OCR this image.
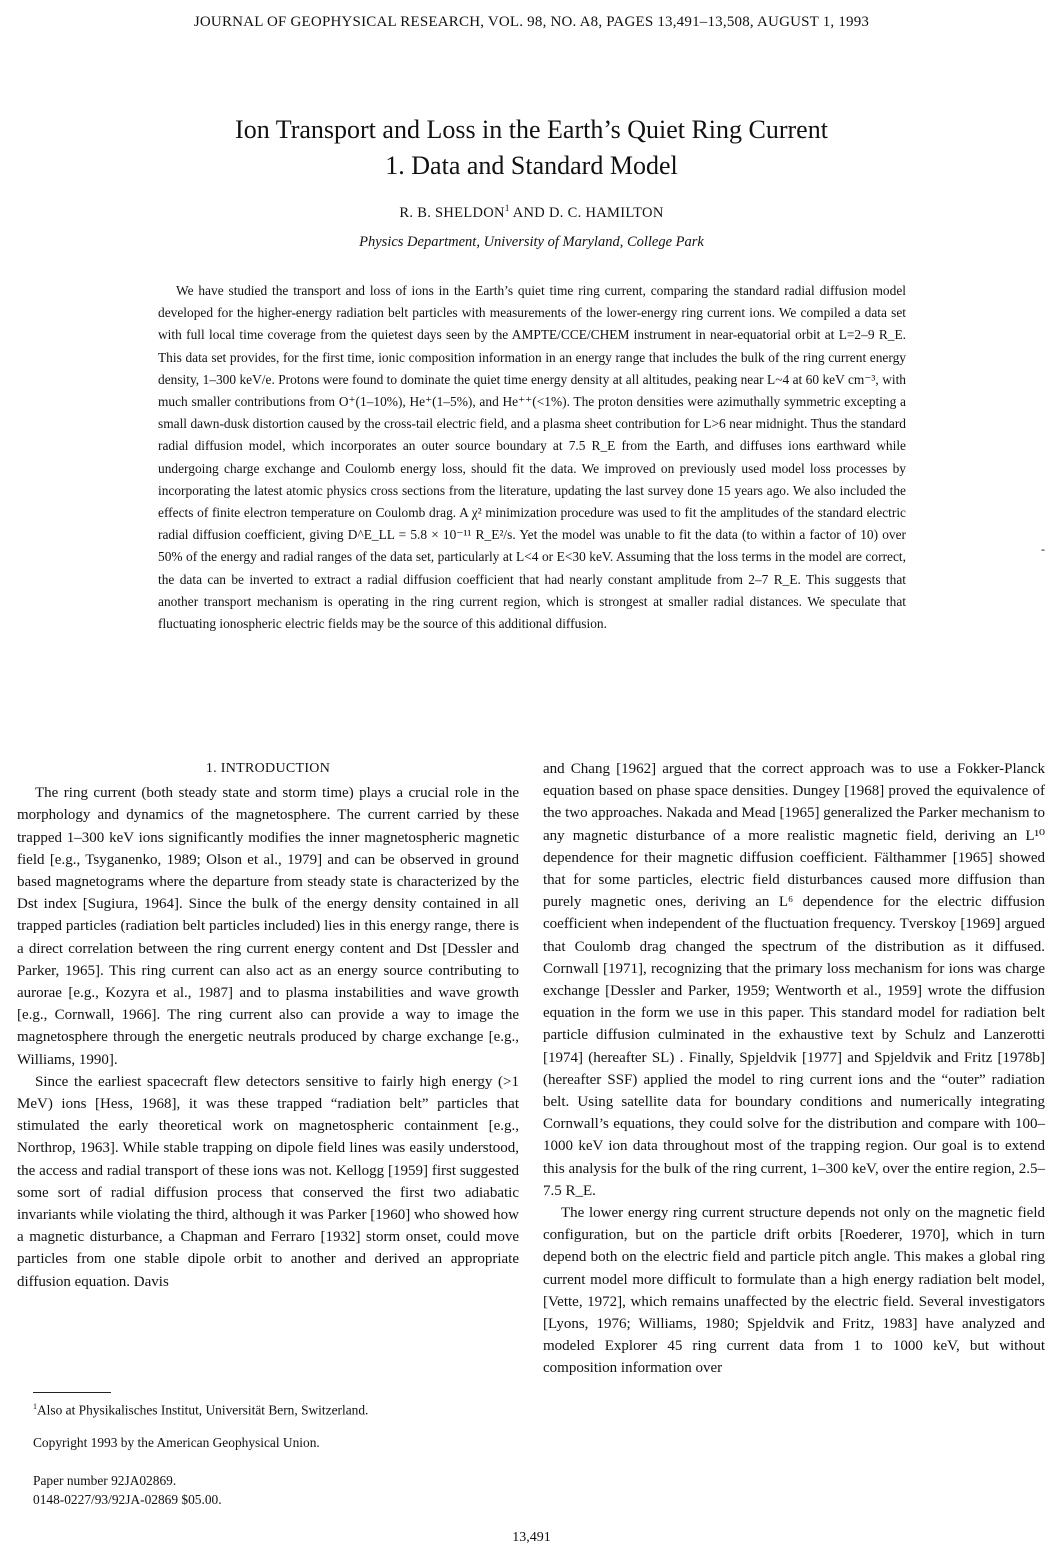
JOURNAL OF GEOPHYSICAL RESEARCH, VOL. 98, NO. A8, PAGES 13,491–13,508, AUGUST 1, 1993
Ion Transport and Loss in the Earth’s Quiet Ring Current
1. Data and Standard Model
R. B. SHELDON$^1$ AND D. C. HAMILTON
Physics Department, University of Maryland, College Park
We have studied the transport and loss of ions in the Earth’s quiet time ring current, comparing the standard radial diffusion model developed for the higher-energy radiation belt particles with measurements of the lower-energy ring current ions. We compiled a data set with full local time coverage from the quietest days seen by the AMPTE/CCE/CHEM instrument in near-equatorial orbit at L=2–9 R_E. This data set provides, for the first time, ionic composition information in an energy range that includes the bulk of the ring current energy density, 1–300 keV/e. Protons were found to dominate the quiet time energy density at all altitudes, peaking near L~4 at 60 keV cm⁻³, with much smaller contributions from O⁺(1–10%), He⁺(1–5%), and He⁺⁺(<1%). The proton densities were azimuthally symmetric excepting a small dawn-dusk distortion caused by the cross-tail electric field, and a plasma sheet contribution for L>6 near midnight. Thus the standard radial diffusion model, which incorporates an outer source boundary at 7.5 R_E from the Earth, and diffuses ions earthward while undergoing charge exchange and Coulomb energy loss, should fit the data. We improved on previously used model loss processes by incorporating the latest atomic physics cross sections from the literature, updating the last survey done 15 years ago. We also included the effects of finite electron temperature on Coulomb drag. A χ² minimization procedure was used to fit the amplitudes of the standard electric radial diffusion coefficient, giving D^E_LL = 5.8 × 10⁻¹¹ R_E²/s. Yet the model was unable to fit the data (to within a factor of 10) over 50% of the energy and radial ranges of the data set, particularly at L<4 or E<30 keV. Assuming that the loss terms in the model are correct, the data can be inverted to extract a radial diffusion coefficient that had nearly constant amplitude from 2–7 R_E. This suggests that another transport mechanism is operating in the ring current region, which is strongest at smaller radial distances. We speculate that fluctuating ionospheric electric fields may be the source of this additional diffusion.
-
1. INTRODUCTION

The ring current (both steady state and storm time) plays a crucial role in the morphology and dynamics of the magnetosphere. The current carried by these trapped 1–300 keV ions significantly modifies the inner magnetospheric magnetic field [e.g., Tsyganenko, 1989; Olson et al., 1979] and can be observed in ground based magnetograms where the departure from steady state is characterized by the Dst index [Sugiura, 1964]. Since the bulk of the energy density contained in all trapped particles (radiation belt particles included) lies in this energy range, there is a direct correlation between the ring current energy content and Dst [Dessler and Parker, 1965]. This ring current can also act as an energy source contributing to aurorae [e.g., Kozyra et al., 1987] and to plasma instabilities and wave growth [e.g., Cornwall, 1966]. The ring current also can provide a way to image the magnetosphere through the energetic neutrals produced by charge exchange [e.g., Williams, 1990].

Since the earliest spacecraft flew detectors sensitive to fairly high energy (>1 MeV) ions [Hess, 1968], it was these trapped “radiation belt” particles that stimulated the early theoretical work on magnetospheric containment [e.g., Northrop, 1963]. While stable trapping on dipole field lines was easily understood, the access and radial transport of these ions was not. Kellogg [1959] first suggested some sort of radial diffusion process that conserved the first two adiabatic invariants while violating the third, although it was Parker [1960] who showed how a magnetic disturbance, a Chapman and Ferraro [1932] storm onset, could move particles from one stable dipole orbit to another and derived an appropriate diffusion equation. Davis

and Chang [1962] argued that the correct approach was to use a Fokker-Planck equation based on phase space densities. Dungey [1968] proved the equivalence of the two approaches. Nakada and Mead [1965] generalized the Parker mechanism to any magnetic disturbance of a more realistic magnetic field, deriving an L¹⁰ dependence for their magnetic diffusion coefficient. Fälthammer [1965] showed that for some particles, electric field disturbances caused more diffusion than purely magnetic ones, deriving an L⁶ dependence for the electric diffusion coefficient when independent of the fluctuation frequency. Tverskoy [1969] argued that Coulomb drag changed the spectrum of the distribution as it diffused. Cornwall [1971], recognizing that the primary loss mechanism for ions was charge exchange [Dessler and Parker, 1959; Wentworth et al., 1959] wrote the diffusion equation in the form we use in this paper. This standard model for radiation belt particle diffusion culminated in the exhaustive text by Schulz and Lanzerotti [1974] (hereafter SL) . Finally, Spjeldvik [1977] and Spjeldvik and Fritz [1978b] (hereafter SSF) applied the model to ring current ions and the “outer” radiation belt. Using satellite data for boundary conditions and numerically integrating Cornwall’s equations, they could solve for the distribution and compare with 100–1000 keV ion data throughout most of the trapping region. Our goal is to extend this analysis for the bulk of the ring current, 1–300 keV, over the entire region, 2.5–7.5 R_E.

The lower energy ring current structure depends not only on the magnetic field configuration, but on the particle drift orbits [Roederer, 1970], which in turn depend both on the electric field and particle pitch angle. This makes a global ring current model more difficult to formulate than a high energy radiation belt model, [Vette, 1972], which remains unaffected by the electric field. Several investigators [Lyons, 1976; Williams, 1980; Spjeldvik and Fritz, 1983] have analyzed and modeled Explorer 45 ring current data from 1 to 1000 keV, but without composition information over

$^1$Also at Physikalisches Institut, Universität Bern, Switzerland.
Copyright 1993 by the American Geophysical Union.
Paper number 92JA02869.
0148-0227/93/92JA-02869 $05.00.
13,491
